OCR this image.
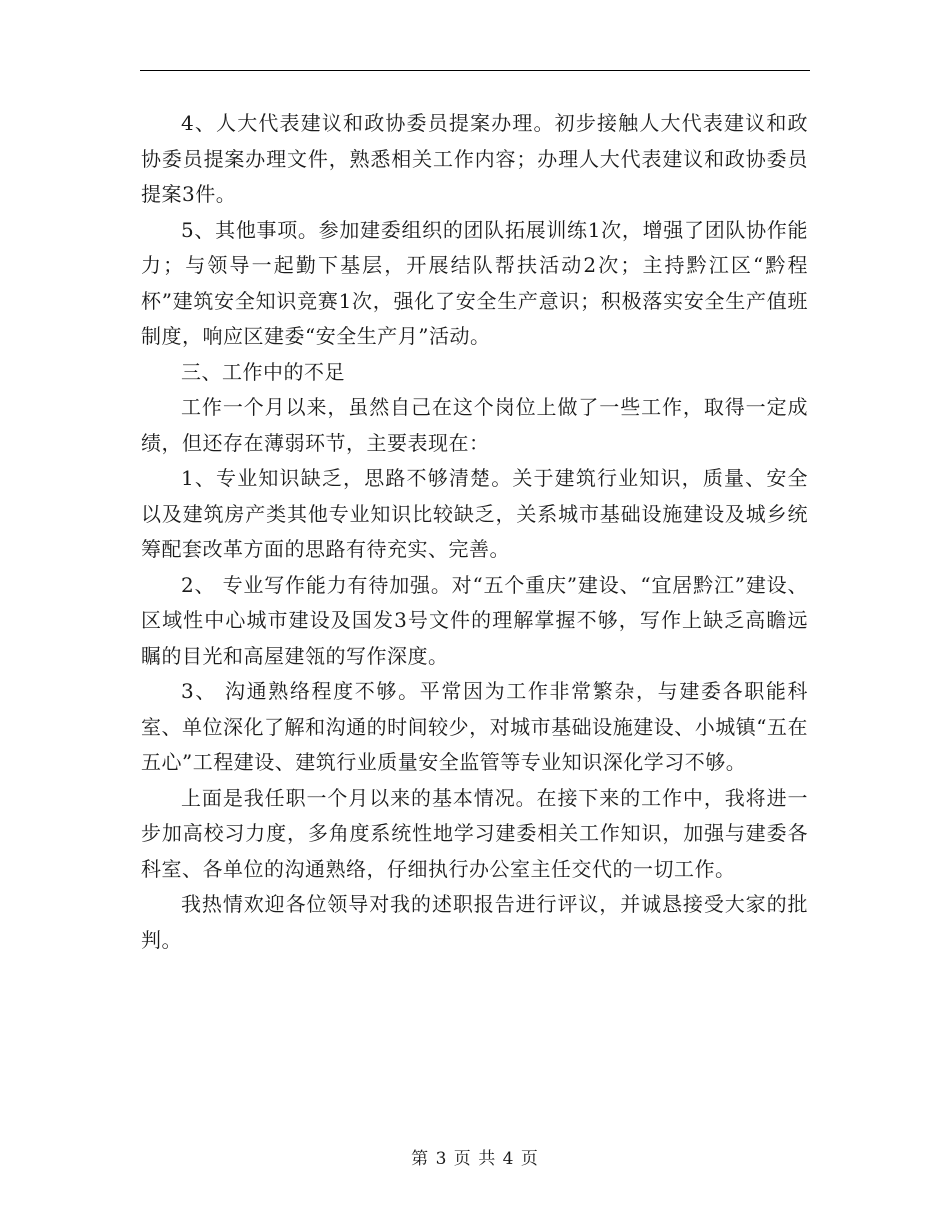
4、人大代表建议和政协委员提案办理。初步接触人大代表建议和政协委员提案办理文件，熟悉相关工作内容；办理人大代表建议和政协委员提案3件。

5、其他事项。参加建委组织的团队拓展训练1次，增强了团队协作能力；与领导一起勤下基层，开展结队帮扶活动2次；主持黔江区“黔程杯”建筑安全知识竞赛1次，强化了安全生产意识；积极落实安全生产值班制度，响应区建委“安全生产月”活动。

三、工作中的不足

工作一个月以来，虽然自己在这个岗位上做了一些工作，取得一定成绩，但还存在薄弱环节，主要表现在：

1、专业知识缺乏，思路不够清楚。关于建筑行业知识，质量、安全以及建筑房产类其他专业知识比较缺乏，关系城市基础设施建设及城乡统筹配套改革方面的思路有待充实、完善。

2、 专业写作能力有待加强。对“五个重庆”建设、“宜居黔江”建设、区域性中心城市建设及国发3号文件的理解掌握不够，写作上缺乏高瞻远瞩的目光和高屋建瓴的写作深度。

3、 沟通熟络程度不够。平常因为工作非常繁杂，与建委各职能科室、单位深化了解和沟通的时间较少，对城市基础设施建设、小城镇“五在五心”工程建设、建筑行业质量安全监管等专业知识深化学习不够。

上面是我任职一个月以来的基本情况。在接下来的工作中，我将进一步加高校习力度，多角度系统性地学习建委相关工作知识，加强与建委各科室、各单位的沟通熟络，仔细执行办公室主任交代的一切工作。

我热情欢迎各位领导对我的述职报告进行评议，并诚恳接受大家的批判。

第 3 页 共 4 页
